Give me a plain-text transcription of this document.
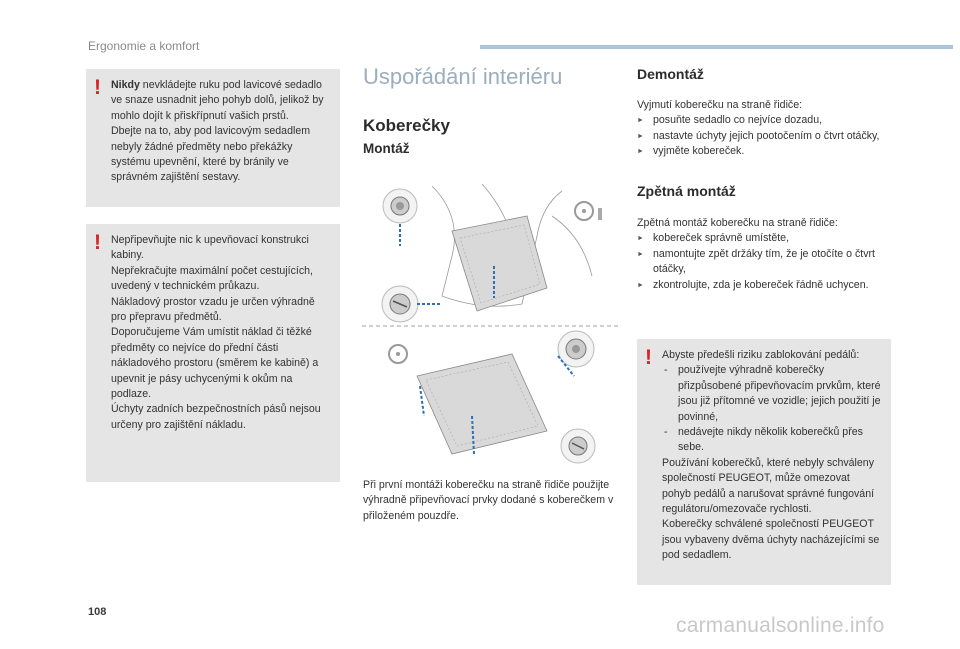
Ergonomie a komfort
! Nikdy nevkládejte ruku pod lavicové sedadlo ve snaze usnadnit jeho pohyb dolů, jelikož by mohlo dojít k přiskřípnutí vašich prstů.

Dbejte na to, aby pod lavicovým sedadlem nebyly žádné předměty nebo překážky systému upevnění, které by bránily ve správném zajištění sestavy.

! Nepřipevňujte nic k upevňovací konstrukci kabiny.

Nepřekračujte maximální počet cestujících, uvedený v technickém průkazu.

Nákladový prostor vzadu je určen výhradně pro přepravu předmětů.

Doporučujeme Vám umístit náklad či těžké předměty co nejvíce do přední části nákladového prostoru (směrem ke kabině) a upevnit je pásy uchycenými k okům na podlaze.

Úchyty zadních bezpečnostních pásů nejsou určeny pro zajištění nákladu.

Uspořádání interiéru
Koberečky
Montáž
Při první montáži koberečku na straně řidiče použijte výhradně připevňovací prvky dodané s koberečkem v přiloženém pouzdře.
Demontáž

Vyjmutí koberečku na straně řidiče:

► posuňte sedadlo co nejvíce dozadu,
► nastavte úchyty jejich pootočením o čtvrt otáčky,
► vyjměte kobereček.
Zpětná montáž

Zpětná montáž koberečku na straně řidiče:

► kobereček správně umístěte,
► namontujte zpět držáky tím, že je otočíte o čtvrt otáčky,
► zkontrolujte, zda je kobereček řádně uchycen.
! Abyste předešli riziku zablokování pedálů:

- používejte výhradně koberečky přizpůsobené připevňovacím prvkům, které jsou již přítomné ve vozidle; jejich použití je povinné,
- nedávejte nikdy několik koberečků přes sebe.

Používání koberečků, které nebyly schváleny společností PEUGEOT, může omezovat pohyb pedálů a narušovat správné fungování regulátoru/omezovače rychlosti.

Koberečky schválené společností PEUGEOT jsou vybaveny dvěma úchyty nacházejícími se pod sedadlem.

108
carmanualsonline.info
